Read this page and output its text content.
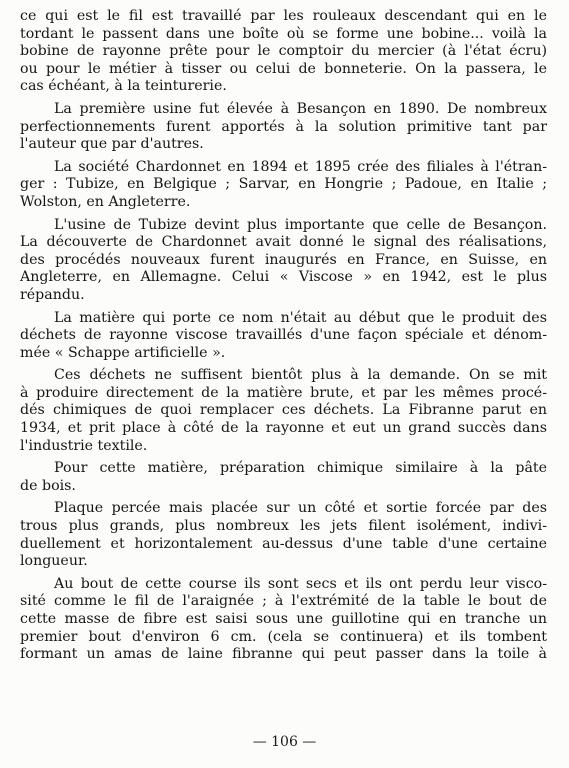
ce qui est le fil est travaillé par les rouleaux descendant qui en le
tordant le passent dans une boîte où se forme une bobine... voilà la
bobine de rayonne prête pour le comptoir du mercier (à l'état écru)
ou pour le métier à tisser ou celui de bonneterie. On la passera, le
cas échéant, à la teinturerie.
La première usine fut élevée à Besançon en 1890. De nombreux
perfectionnements furent apportés à la solution primitive tant par
l'auteur que par d'autres.
La société Chardonnet en 1894 et 1895 crée des filiales à l'étran-
ger : Tubize, en Belgique ; Sarvar, en Hongrie ; Padoue, en Italie ;
Wolston, en Angleterre.
L'usine de Tubize devint plus importante que celle de Besançon.
La découverte de Chardonnet avait donné le signal des réalisations,
des procédés nouveaux furent inaugurés en France, en Suisse, en
Angleterre, en Allemagne. Celui « Viscose » en 1942, est le plus
répandu.
La matière qui porte ce nom n'était au début que le produit des
déchets de rayonne viscose travaillés d'une façon spéciale et dénom-
mée « Schappe artificielle ».
Ces déchets ne suffisent bientôt plus à la demande. On se mit
à produire directement de la matière brute, et par les mêmes procé-
dés chimiques de quoi remplacer ces déchets. La Fibranne parut en
1934, et prit place à côté de la rayonne et eut un grand succès dans
l'industrie textile.
Pour cette matière, préparation chimique similaire à la pâte
de bois.
Plaque percée mais placée sur un côté et sortie forcée par des
trous plus grands, plus nombreux les jets filent isolément, indivi-
duellement et horizontalement au-dessus d'une table d'une certaine
longueur.
Au bout de cette course ils sont secs et ils ont perdu leur visco-
sité comme le fil de l'araignée ; à l'extrémité de la table le bout de
cette masse de fibre est saisi sous une guillotine qui en tranche un
premier bout d'environ 6 cm. (cela se continuera) et ils tombent
formant un amas de laine fibranne qui peut passer dans la toile à
— 106 —
